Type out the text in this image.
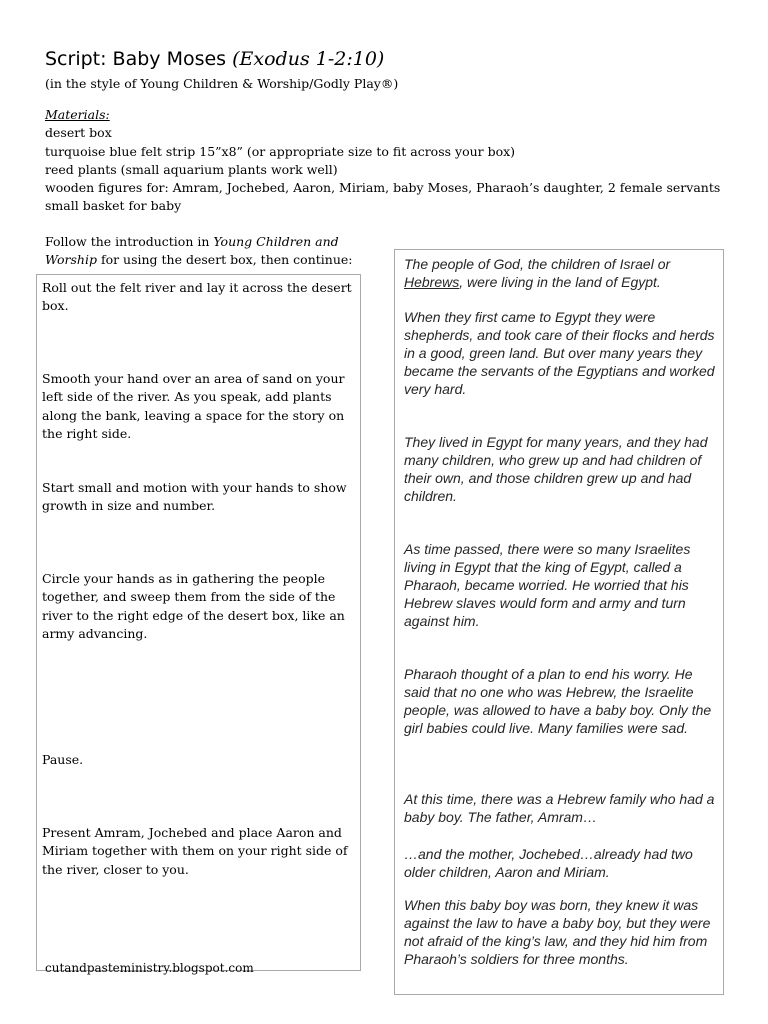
Script: Baby Moses (Exodus 1-2:10)
(in the style of Young Children & Worship/Godly Play®)
Materials:
desert box
turquoise blue felt strip 15”x8” (or appropriate size to fit across your box)
reed plants (small aquarium plants work well)
wooden figures for: Amram, Jochebed, Aaron, Miriam, baby Moses, Pharaoh’s daughter, 2 female servants
small basket for baby
Follow the introduction in Young Children and Worship for using the desert box, then continue:
Roll out the felt river and lay it across the desert box.
Smooth your hand over an area of sand on your left side of the river. As you speak, add plants along the bank, leaving a space for the story on the right side.
Start small and motion with your hands to show growth in size and number.
Circle your hands as in gathering the people together, and sweep them from the side of the river to the right edge of the desert box, like an army advancing.
Pause.
Present Amram, Jochebed and place Aaron and Miriam together with them on your right side of the river, closer to you.
cutandpasteministry.blogspot.com
The people of God, the children of Israel or Hebrews, were living in the land of Egypt.
When they first came to Egypt they were shepherds, and took care of their flocks and herds in a good, green land. But over many years they became the servants of the Egyptians and worked very hard.
They lived in Egypt for many years, and they had many children, who grew up and had children of their own, and those children grew up and had children.
As time passed, there were so many Israelites living in Egypt that the king of Egypt, called a Pharaoh, became worried. He worried that his Hebrew slaves would form and army and turn against him.
Pharaoh thought of a plan to end his worry. He said that no one who was Hebrew, the Israelite people, was allowed to have a baby boy. Only the girl babies could live. Many families were sad.
At this time, there was a Hebrew family who had a baby boy. The father, Amram…
…and the mother, Jochebed…already had two older children, Aaron and Miriam.
When this baby boy was born, they knew it was against the law to have a baby boy, but they were not afraid of the king’s law, and they hid him from Pharaoh’s soldiers for three months.
